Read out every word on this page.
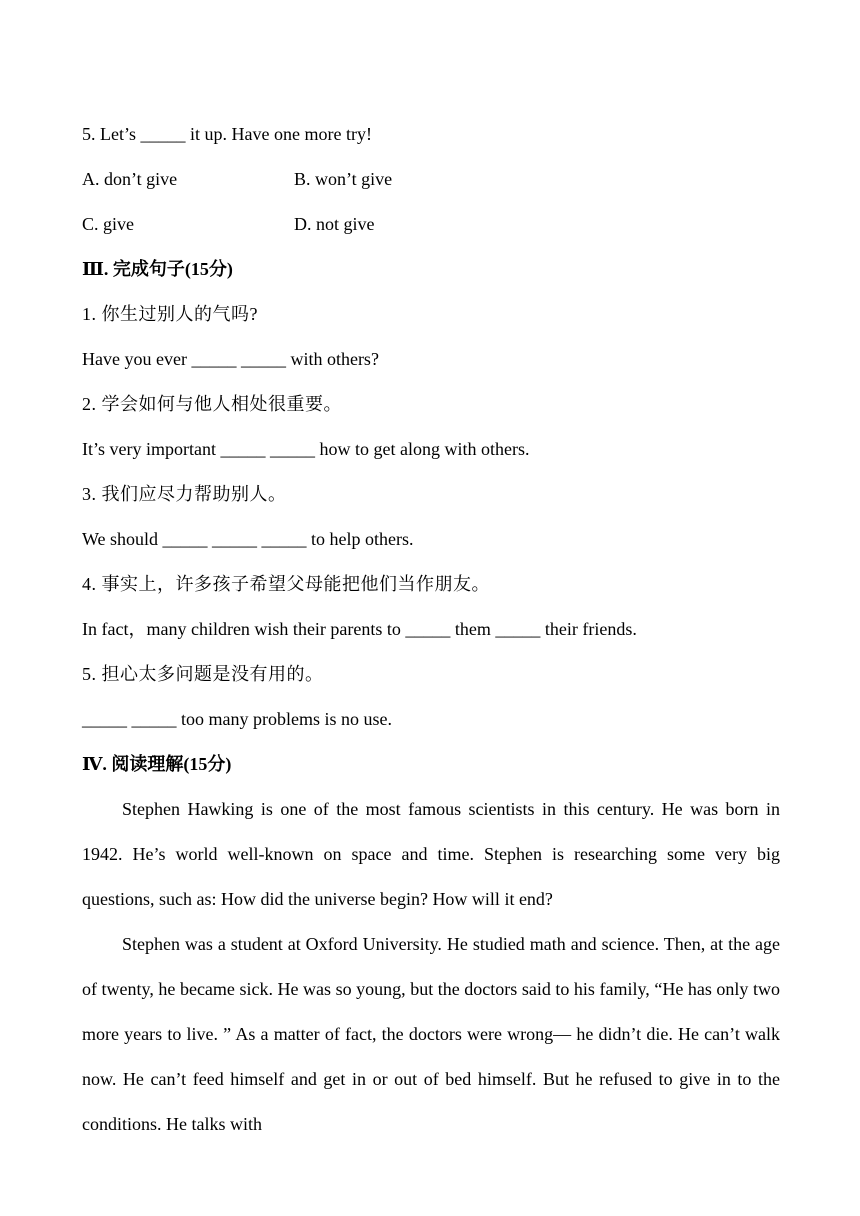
5. Let’s _____ it up. Have one more try!
A. don’t give	B. won’t give
C. give	D. not give
Ⅲ. 完成句子(15分)
1. 你生过别人的气吗?
Have you ever _____ _____ with others?
2. 学会如何与他人相处很重要。
It’s very important _____ _____ how to get along with others.
3. 我们应尽力帮助别人。
We should _____ _____ _____ to help others.
4. 事实上，许多孩子希望父母能把他们当作朋友。
In fact，many children wish their parents to _____ them _____ their friends.
5. 担心太多问题是没有用的。
_____ _____ too many problems is no use.
Ⅳ. 阅读理解(15分)

Stephen Hawking is one of the most famous scientists in this century. He was born in 1942. He’s world well-known on space and time. Stephen is researching some very big questions, such as: How did the universe begin? How will it end?

Stephen was a student at Oxford University. He studied math and science. Then, at the age of twenty, he became sick. He was so young, but the doctors said to his family, “He has only two more years to live. ” As a matter of fact, the doctors were wrong— he didn’t die. He can’t walk now. He can’t feed himself and get in or out of bed himself. But he refused to give in to the conditions. He talks with
